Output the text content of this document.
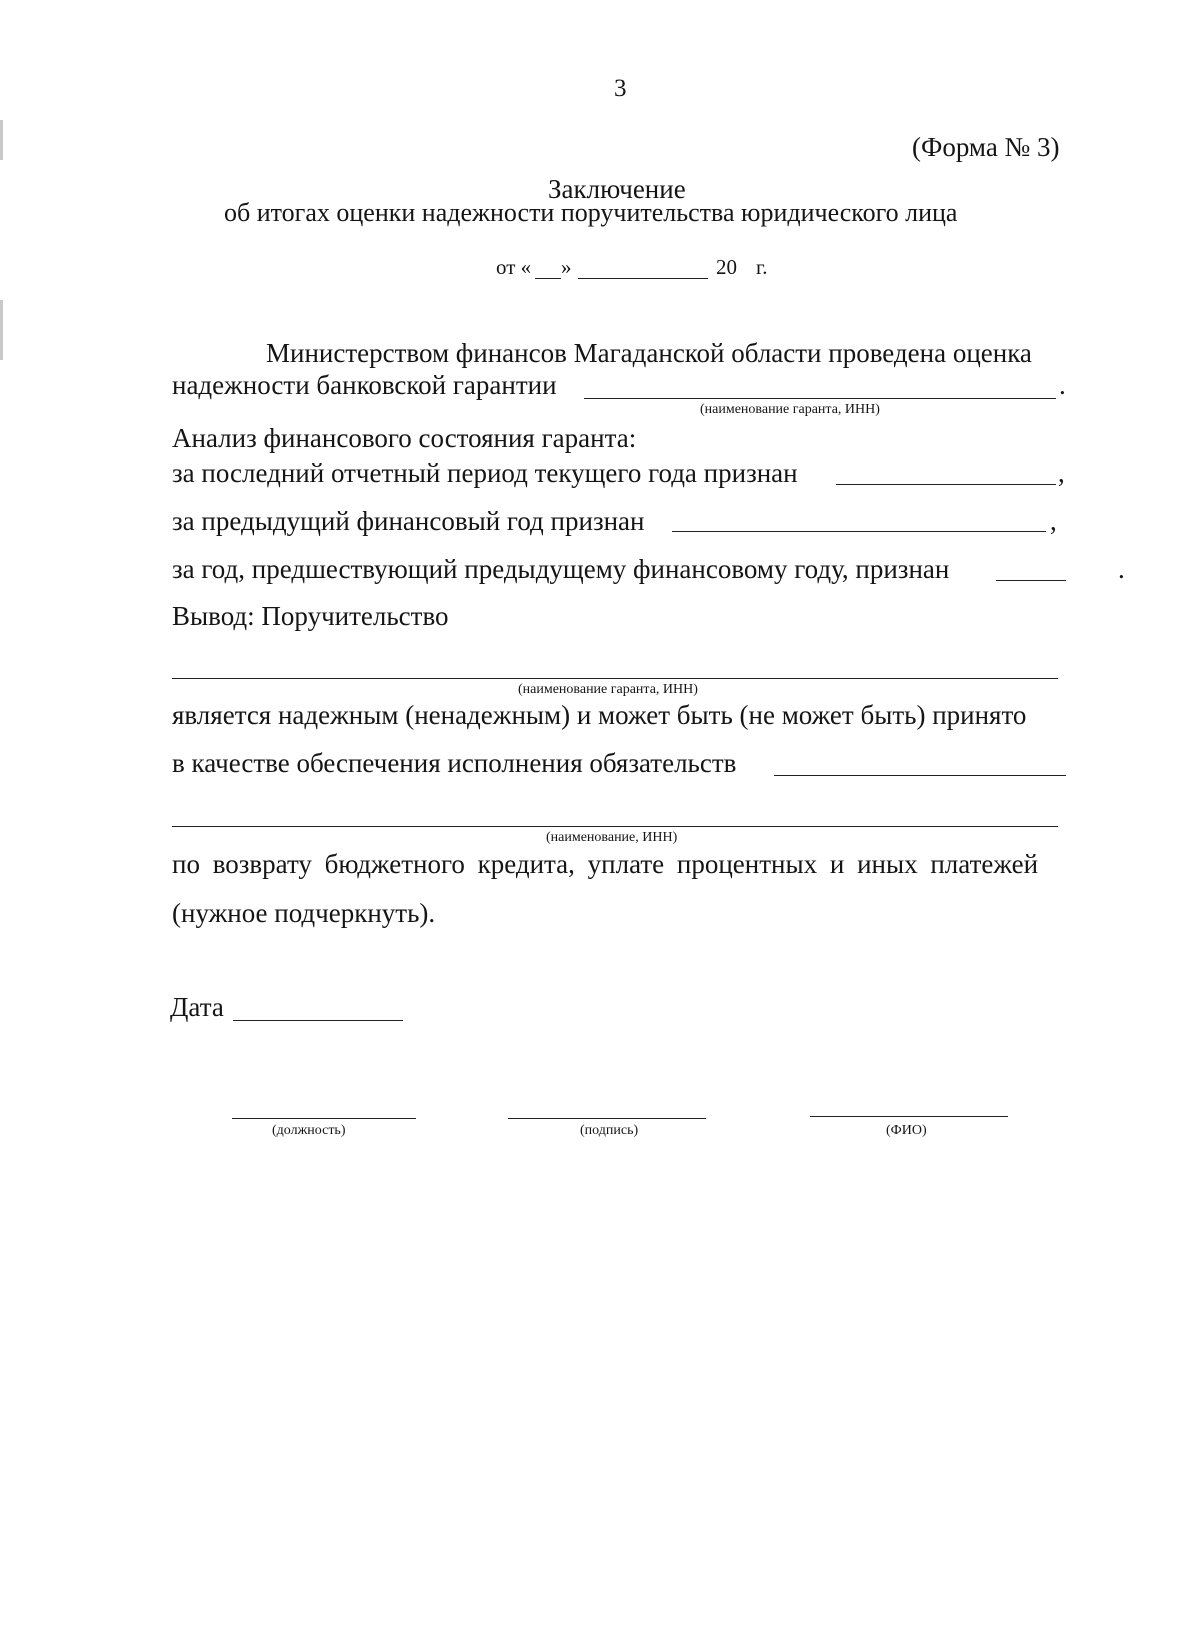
3
(Форма № 3)
Заключение
об итогах оценки надежности поручительства юридического лица
от « »	20 г.
Министерством финансов Магаданской области проведена оценка
надежности банковской гарантии	.
(наименование гаранта, ИНН)
Анализ финансового состояния гаранта:
за последний отчетный период текущего года признан	,
за предыдущий финансовый год признан	,
за год, предшествующий предыдущему финансовому году, признан	.
Вывод: Поручительство
(наименование гаранта, ИНН)
является надежным (ненадежным) и может быть (не может быть) принято
в качестве обеспечения исполнения обязательств
(наименование, ИНН)
по возврату бюджетного кредита, уплате процентных и иных платежей
(нужное подчеркнуть).
Дата
(должность)	(подпись)	(ФИО)
